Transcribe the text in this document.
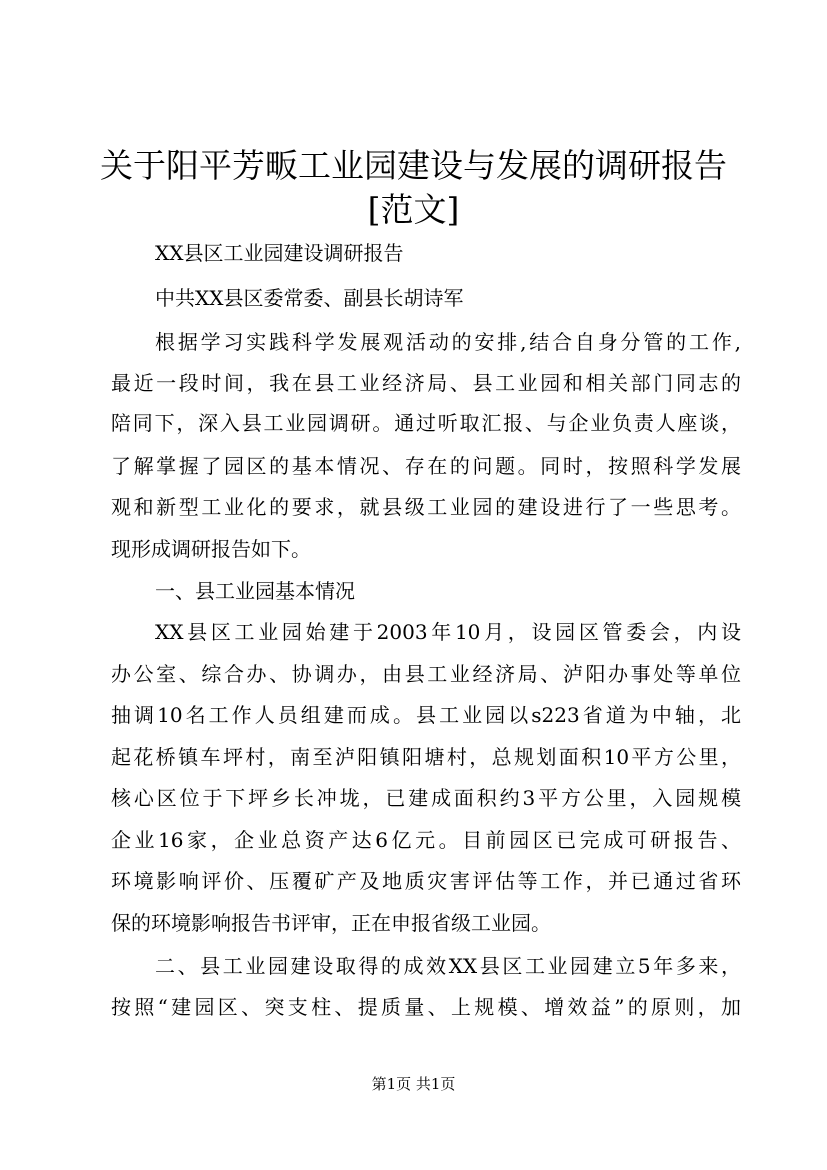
关于阳平芳畈工业园建设与发展的调研报告
[范文]

XX县区工业园建设调研报告

中共XX县区委常委、副县长胡诗军

根据学习实践科学发展观活动的安排,结合自身分管的工作,

最近一段时间，我在县工业经济局、县工业园和相关部门同志的

陪同下，深入县工业园调研。通过听取汇报、与企业负责人座谈，

了解掌握了园区的基本情况、存在的问题。同时，按照科学发展

观和新型工业化的要求，就县级工业园的建设进行了一些思考。

现形成调研报告如下。

一、县工业园基本情况

XX县区工业园始建于2003年10月，设园区管委会，内设

办公室、综合办、协调办，由县工业经济局、泸阳办事处等单位

抽调10名工作人员组建而成。县工业园以s223省道为中轴，北

起花桥镇车坪村，南至泸阳镇阳塘村，总规划面积10平方公里，

核心区位于下坪乡长冲垅，已建成面积约3平方公里，入园规模

企业16家，企业总资产达6亿元。目前园区已完成可研报告、

环境影响评价、压覆矿产及地质灾害评估等工作，并已通过省环

保的环境影响报告书评审，正在申报省级工业园。

二、县工业园建设取得的成效XX县区工业园建立5年多来，

按照“建园区、突支柱、提质量、上规模、增效益”的原则，加

第1页 共1页
